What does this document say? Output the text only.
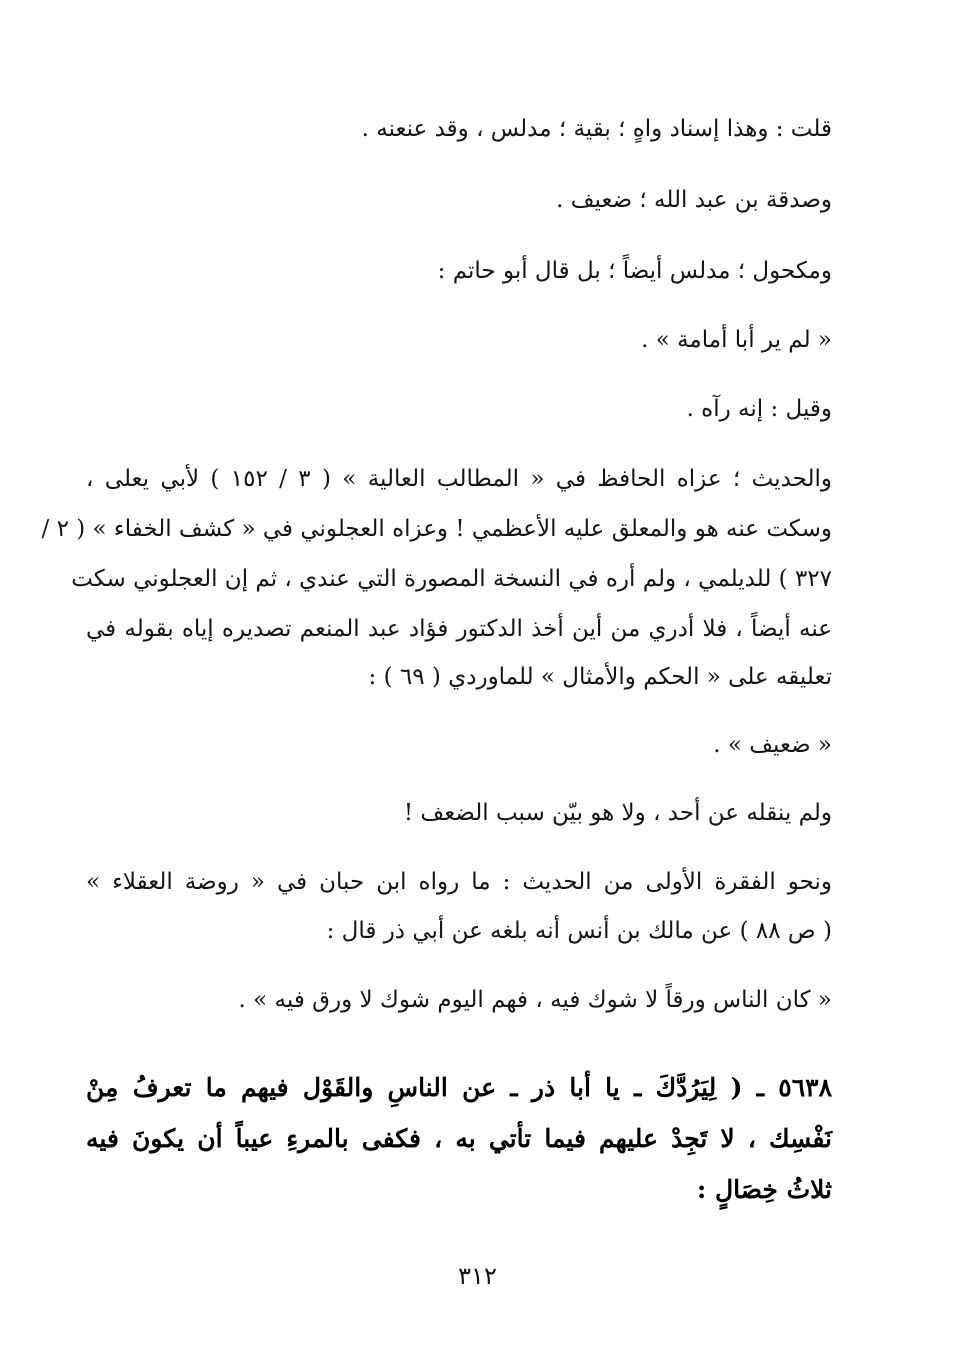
قلت : وهذا إسناد واهٍ ؛ بقية ؛ مدلس ، وقد عنعنه .
وصدقة بن عبد الله ؛ ضعيف .
ومكحول ؛ مدلس أيضاً ؛ بل قال أبو حاتم :
« لم ير أبا أمامة » .
وقيل : إنه رآه .
والحديث ؛ عزاه الحافظ في « المطالب العالية » ( ٣ / ١٥٢ ) لأبي يعلى ،
وسكت عنه هو والمعلق عليه الأعظمي ! وعزاه العجلوني في « كشف الخفاء » ( ٢ /
٣٢٧ ) للديلمي ، ولم أره في النسخة المصورة التي عندي ، ثم إن العجلوني سكت
عنه أيضاً ، فلا أدري من أين أخذ الدكتور فؤاد عبد المنعم تصديره إياه بقوله في
تعليقه على « الحكم والأمثال » للماوردي ( ٦٩ ) :
« ضعيف » .
ولم ينقله عن أحد ، ولا هو بيّن سبب الضعف !
ونحو الفقرة الأولى من الحديث : ما رواه ابن حبان في « روضة العقلاء »
( ص ٨٨ ) عن مالك بن أنس أنه بلغه عن أبي ذر قال :
« كان الناس ورقاً لا شوك فيه ، فهم اليوم شوك لا ورق فيه » .
٥٦٣٨ ـ ( لِيَرُدَّكَ ـ يا أبا ذر ـ عن الناسِ والقَوْل فيهم ما تعرفُ مِنْ
نَفْسِك ، لا تَجِدْ عليهم فيما تأتي به ، فكفى بالمرءِ عيباً أن يكونَ فيه
ثلاثُ خِصَالٍ :
٣١٢
